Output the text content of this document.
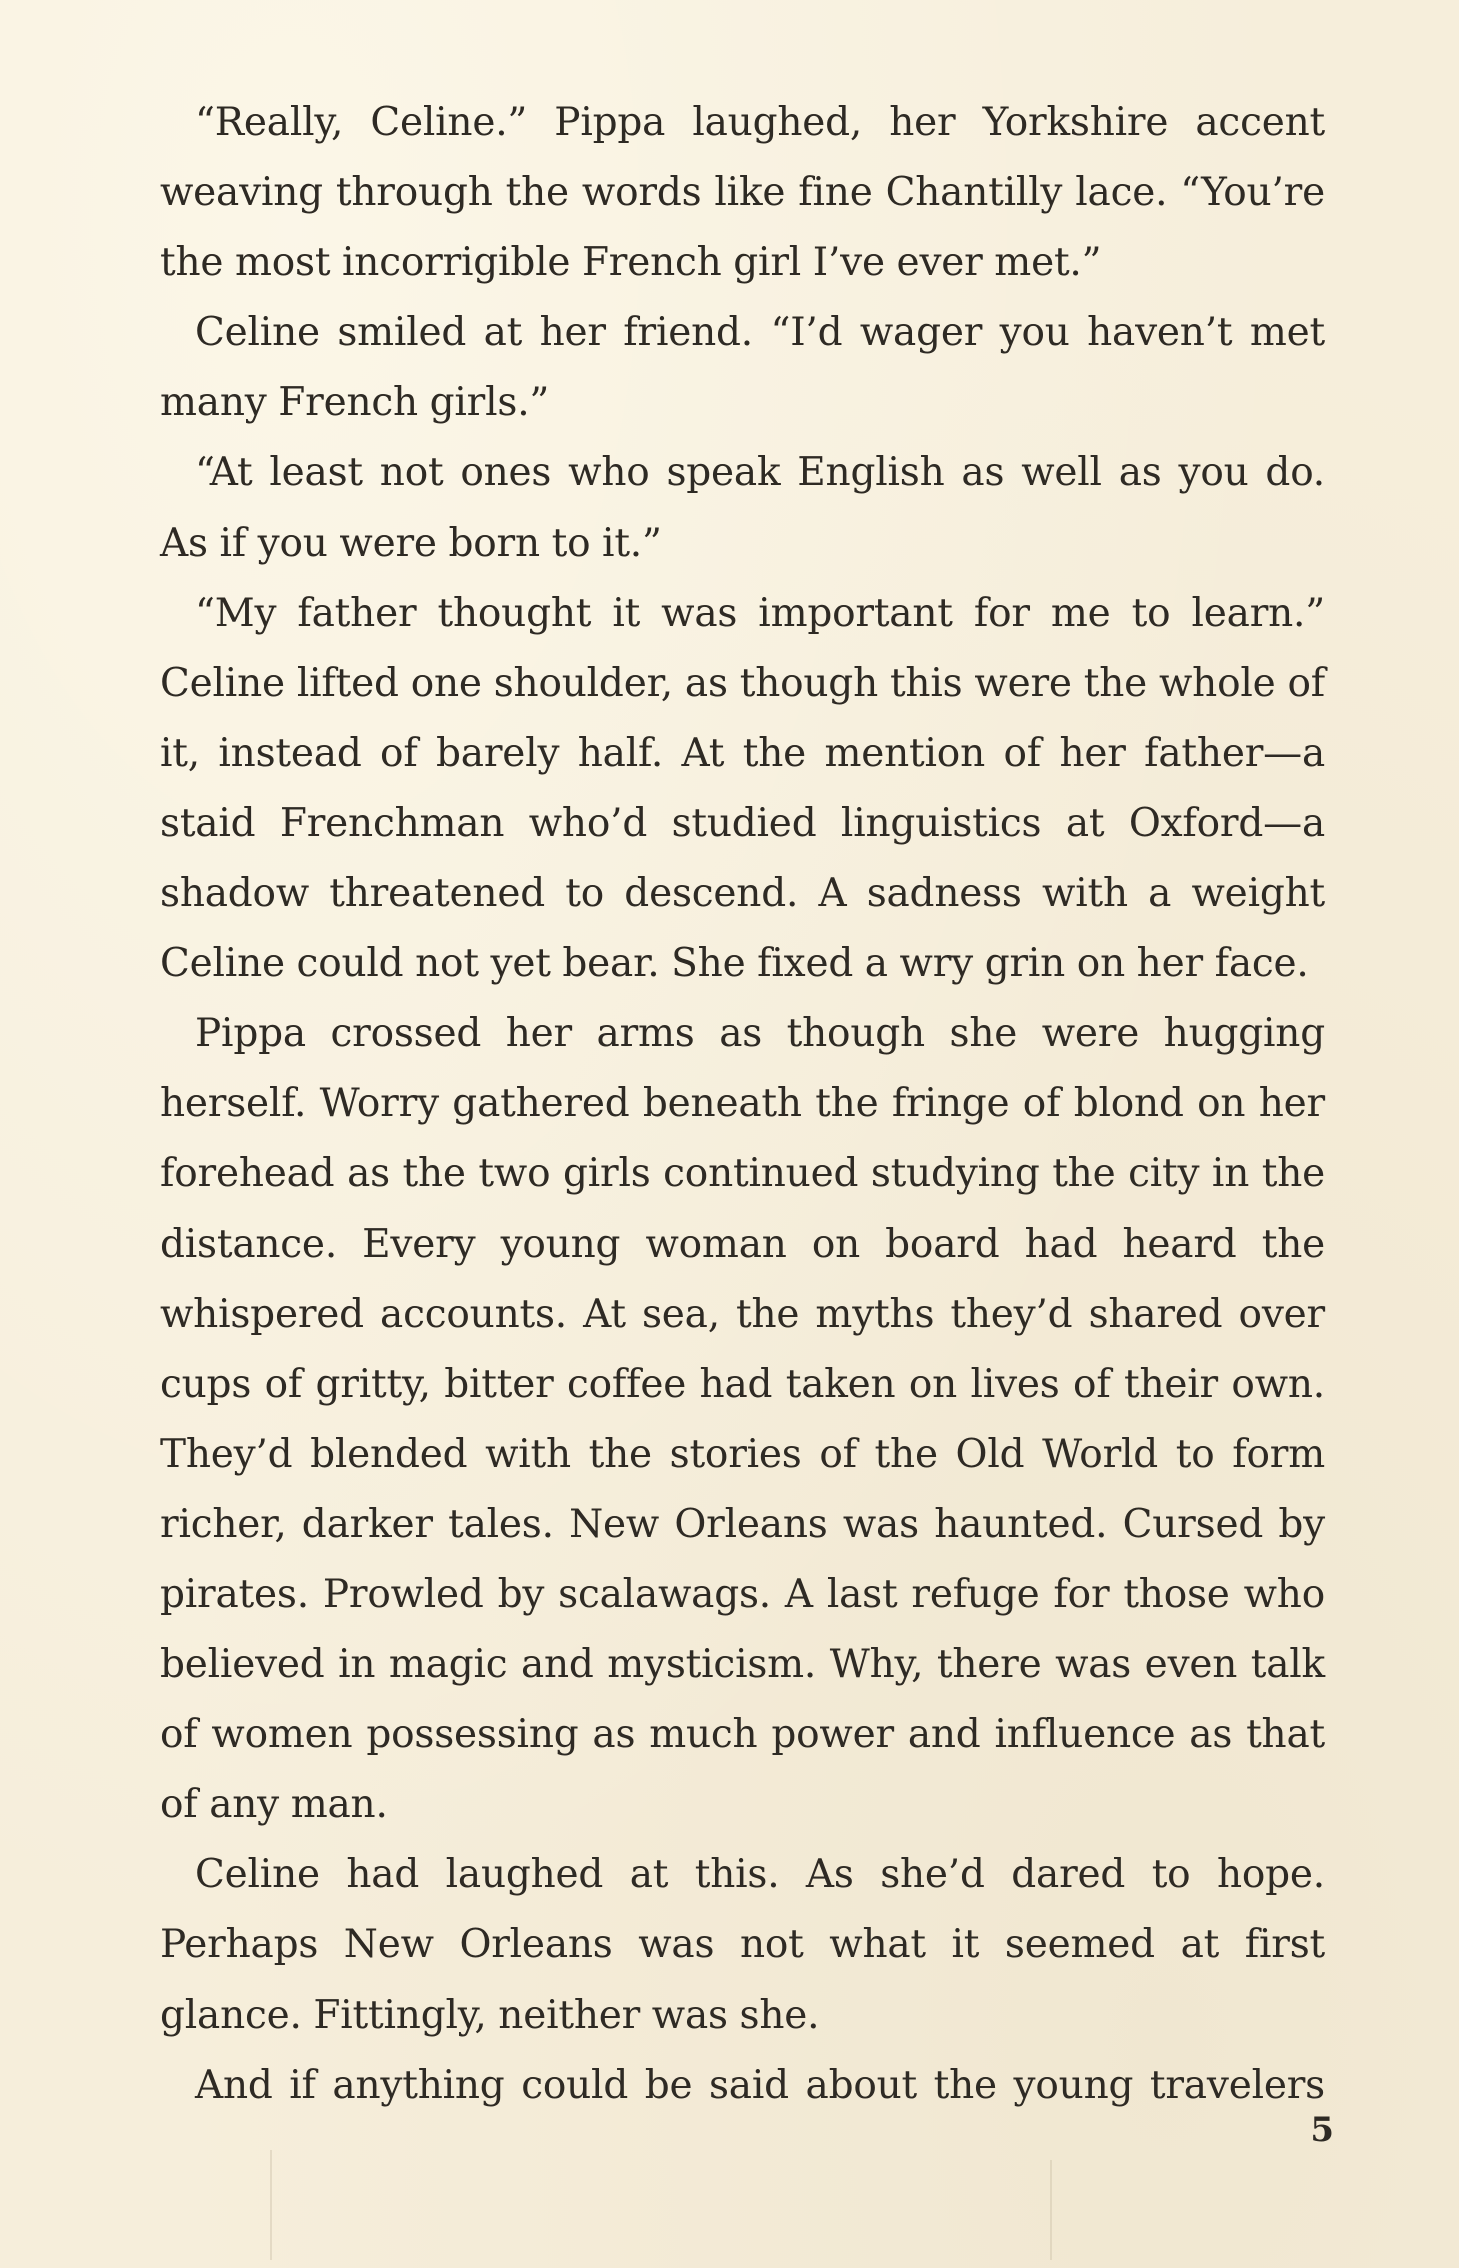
“Really, Celine.” Pippa laughed, her Yorkshire accent weaving through the words like fine Chantilly lace. “You’re the most incorrigible French girl I’ve ever met.”

Celine smiled at her friend. “I’d wager you haven’t met many French girls.”

“At least not ones who speak English as well as you do. As if you were born to it.”

“My father thought it was important for me to learn.” Celine lifted one shoulder, as though this were the whole of it, instead of barely half. At the mention of her father—a staid Frenchman who’d studied linguistics at Oxford—a shadow threatened to descend. A sadness with a weight Celine could not yet bear. She fixed a wry grin on her face.

Pippa crossed her arms as though she were hugging herself. Worry gathered beneath the fringe of blond on her forehead as the two girls continued studying the city in the distance. Every young woman on board had heard the whispered accounts. At sea, the myths they’d shared over cups of gritty, bitter coffee had taken on lives of their own. They’d blended with the stories of the Old World to form richer, darker tales. New Orleans was haunted. Cursed by pirates. Prowled by scalawags. A last refuge for those who believed in magic and mysticism. Why, there was even talk of women possessing as much power and influence as that of any man.

Celine had laughed at this. As she’d dared to hope. Perhaps New Orleans was not what it seemed at first glance. Fittingly, neither was she.

And if anything could be said about the young travelers

5
